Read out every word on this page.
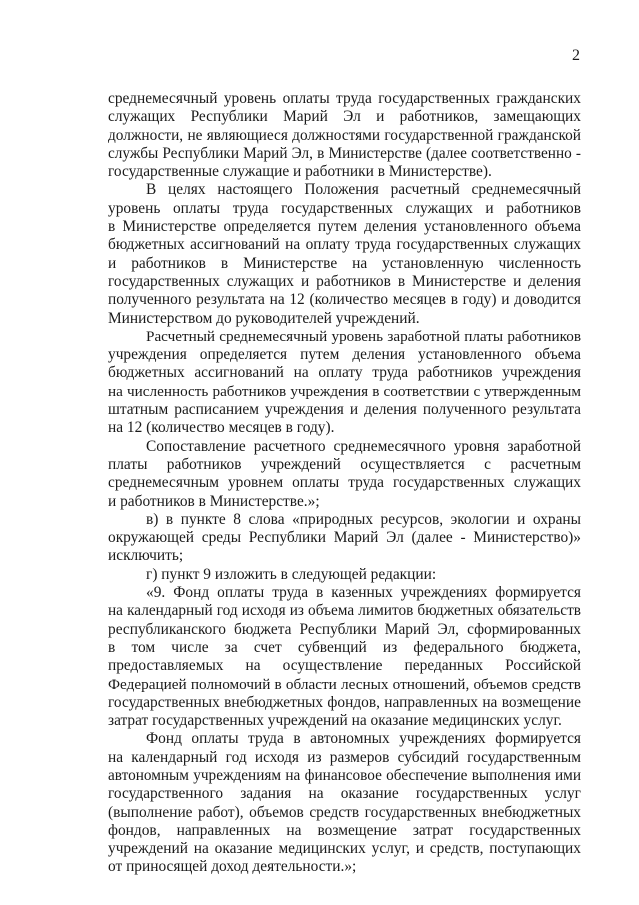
2
среднемесячный уровень оплаты труда государственных гражданских
служащих Республики Марий Эл и работников, замещающих
должности, не являющиеся должностями государственной гражданской
службы Республики Марий Эл, в Министерстве (далее соответственно -
государственные служащие и работники в Министерстве).
В целях настоящего Положения расчетный среднемесячный
уровень оплаты труда государственных служащих и работников
в Министерстве определяется путем деления установленного объема
бюджетных ассигнований на оплату труда государственных служащих
и работников в Министерстве на установленную численность
государственных служащих и работников в Министерстве и деления
полученного результата на 12 (количество месяцев в году) и доводится
Министерством до руководителей учреждений.
Расчетный среднемесячный уровень заработной платы работников
учреждения определяется путем деления установленного объема
бюджетных ассигнований на оплату труда работников учреждения
на численность работников учреждения в соответствии с утвержденным
штатным расписанием учреждения и деления полученного результата
на 12 (количество месяцев в году).
Сопоставление расчетного среднемесячного уровня заработной
платы работников учреждений осуществляется с расчетным
среднемесячным уровнем оплаты труда государственных служащих
и работников в Министерстве.»;
в) в пункте 8 слова «природных ресурсов, экологии и охраны
окружающей среды Республики Марий Эл (далее - Министерство)»
исключить;
г) пункт 9 изложить в следующей редакции:
«9. Фонд оплаты труда в казенных учреждениях формируется
на календарный год исходя из объема лимитов бюджетных обязательств
республиканского бюджета Республики Марий Эл, сформированных
в том числе за счет субвенций из федерального бюджета,
предоставляемых на осуществление переданных Российской
Федерацией полномочий в области лесных отношений, объемов средств
государственных внебюджетных фондов, направленных на возмещение
затрат государственных учреждений на оказание медицинских услуг.
Фонд оплаты труда в автономных учреждениях формируется
на календарный год исходя из размеров субсидий государственным
автономным учреждениям на финансовое обеспечение выполнения ими
государственного задания на оказание государственных услуг
(выполнение работ), объемов средств государственных внебюджетных
фондов, направленных на возмещение затрат государственных
учреждений на оказание медицинских услуг, и средств, поступающих
от приносящей доход деятельности.»;
